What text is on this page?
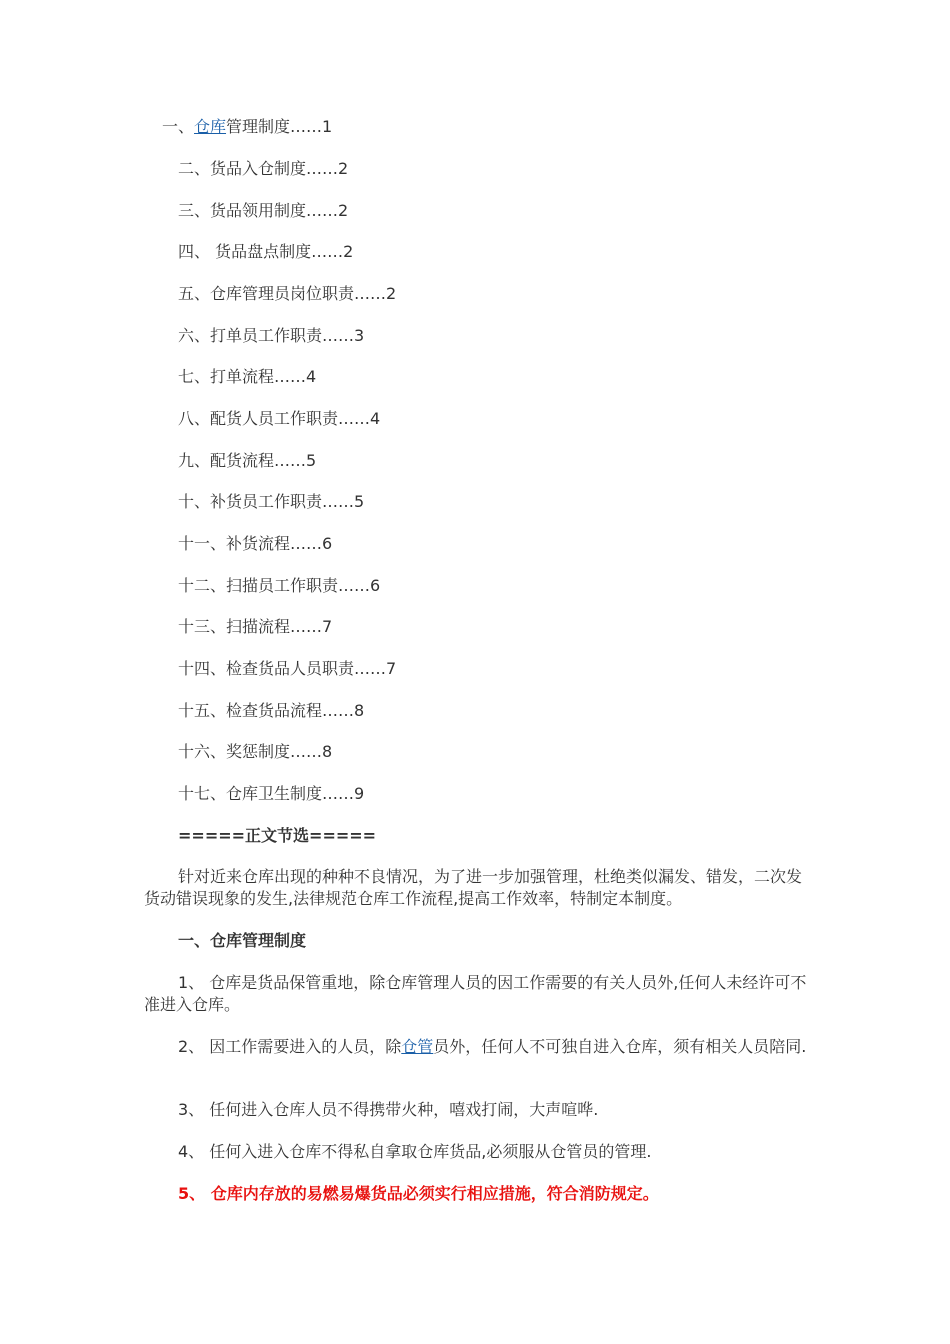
一、仓库管理制度……1
二、货品入仓制度……2
三、货品领用制度……2
四、 货品盘点制度……2
五、仓库管理员岗位职责……2
六、打单员工作职责……3
七、打单流程……4
八、配货人员工作职责……4
九、配货流程……5
十、补货员工作职责……5
十一、补货流程……6
十二、扫描员工作职责……6
十三、扫描流程……7
十四、检查货品人员职责……7
十五、检查货品流程……8
十六、奖惩制度……8
十七、仓库卫生制度……9
=====正文节选=====
针对近来仓库出现的种种不良情况，为了进一步加强管理，杜绝类似漏发、错发，二次发货动错误现象的发生,法律规范仓库工作流程,提高工作效率，特制定本制度。
一、仓库管理制度
1、 仓库是货品保管重地，除仓库管理人员的因工作需要的有关人员外,任何人未经许可不准进入仓库。
2、 因工作需要进入的人员，除仓管员外，任何人不可独自进入仓库，须有相关人员陪同.
3、 任何进入仓库人员不得携带火种，嘻戏打闹，大声喧哗.
4、 任何入进入仓库不得私自拿取仓库货品,必须服从仓管员的管理.
5、 仓库内存放的易燃易爆货品必须实行相应措施，符合消防规定。
